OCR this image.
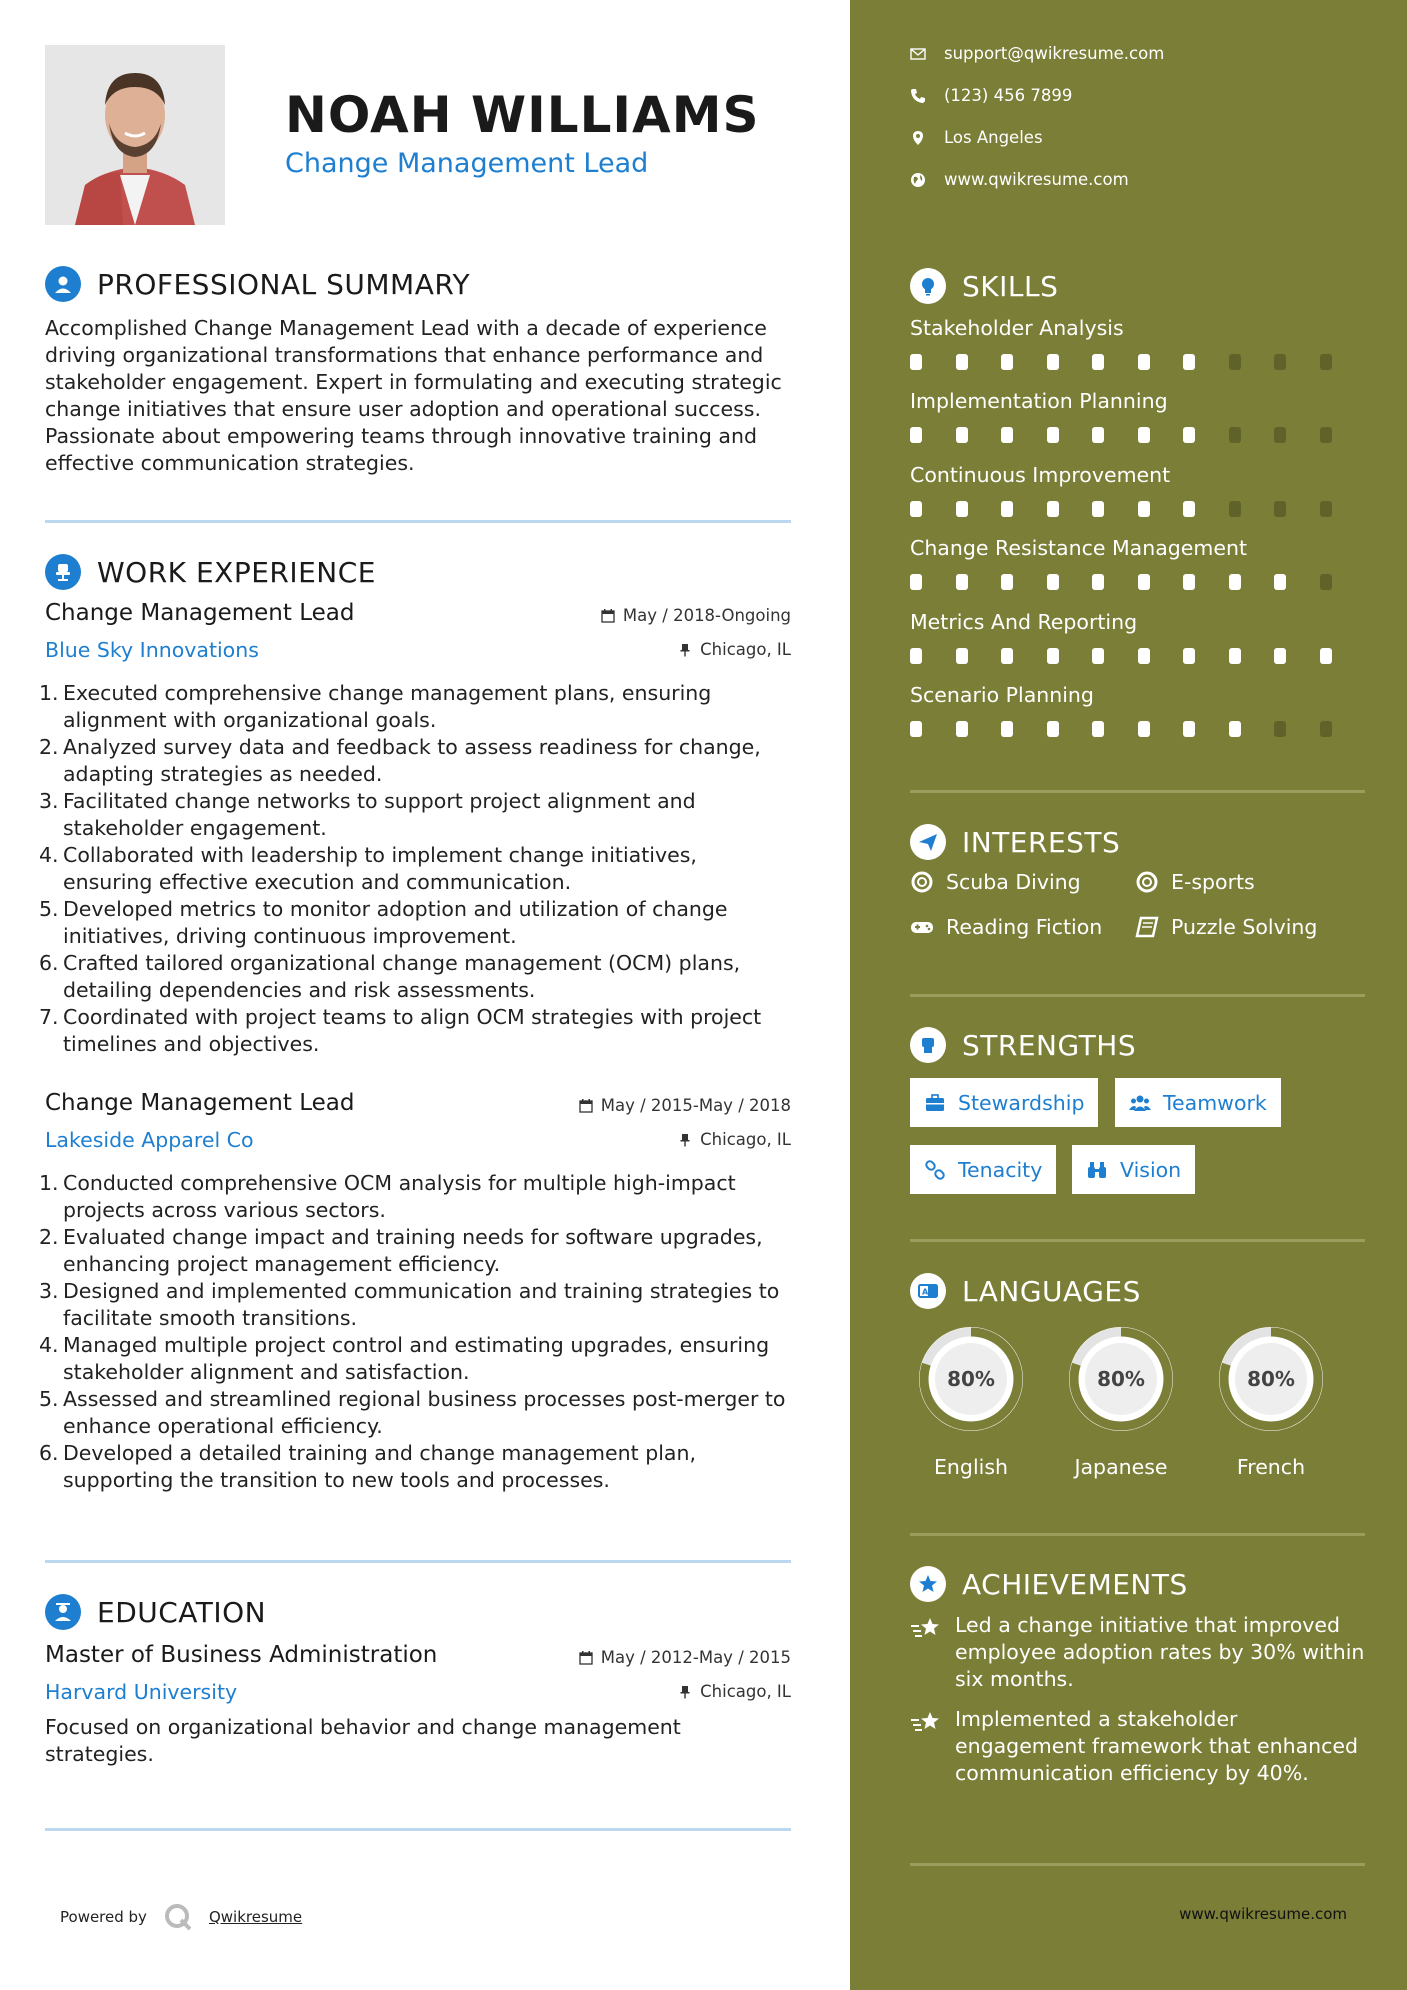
NOAH WILLIAMS
Change Management Lead
PROFESSIONAL SUMMARY
Accomplished Change Management Lead with a decade of experience driving organizational transformations that enhance performance and stakeholder engagement. Expert in formulating and executing strategic change initiatives that ensure user adoption and operational success. Passionate about empowering teams through innovative training and effective communication strategies.
WORK EXPERIENCE
Change Management Lead
Blue Sky Innovations
May / 2018-Ongoing
Chicago, IL
1. Executed comprehensive change management plans, ensuring alignment with organizational goals.
2. Analyzed survey data and feedback to assess readiness for change, adapting strategies as needed.
3. Facilitated change networks to support project alignment and stakeholder engagement.
4. Collaborated with leadership to implement change initiatives, ensuring effective execution and communication.
5. Developed metrics to monitor adoption and utilization of change initiatives, driving continuous improvement.
6. Crafted tailored organizational change management (OCM) plans, detailing dependencies and risk assessments.
7. Coordinated with project teams to align OCM strategies with project timelines and objectives.
Change Management Lead
Lakeside Apparel Co
May / 2015-May / 2018
Chicago, IL
1. Conducted comprehensive OCM analysis for multiple high-impact projects across various sectors.
2. Evaluated change impact and training needs for software upgrades, enhancing project management efficiency.
3. Designed and implemented communication and training strategies to facilitate smooth transitions.
4. Managed multiple project control and estimating upgrades, ensuring stakeholder alignment and satisfaction.
5. Assessed and streamlined regional business processes post-merger to enhance operational efficiency.
6. Developed a detailed training and change management plan, supporting the transition to new tools and processes.
EDUCATION
Master of Business Administration
Harvard University
May / 2012-May / 2015
Chicago, IL
Focused on organizational behavior and change management strategies.
Powered by	Qwikresume
support@qwikresume.com
(123) 456 7899
Los Angeles
www.qwikresume.com
SKILLS
Stakeholder Analysis
Implementation Planning
Continuous Improvement
Change Resistance Management
Metrics And Reporting
Scenario Planning
INTERESTS
Scuba Diving	E-sports
Reading Fiction	Puzzle Solving
STRENGTHS
Stewardship	Teamwork
Tenacity	Vision
A LANGUAGES
80%
English
80%
Japanese
80%
French
ACHIEVEMENTS
Led a change initiative that improved employee adoption rates by 30% within six months.
Implemented a stakeholder engagement framework that enhanced communication efficiency by 40%.
www.qwikresume.com
